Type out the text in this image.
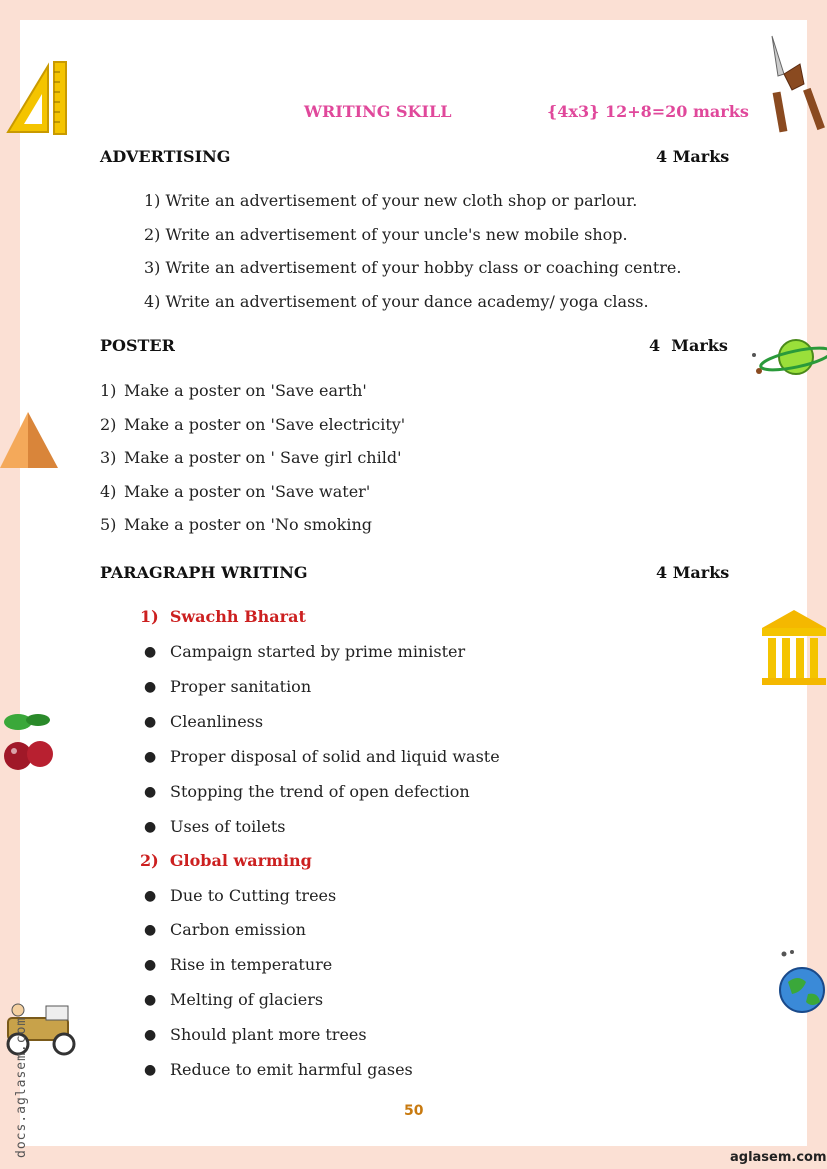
WRITING SKILL	{4x3} 12+8=20 marks
ADVERTISING	4 Marks
1) Write an advertisement of your new cloth shop or parlour.
2) Write an advertisement of your uncle's new mobile shop.
3) Write an advertisement of your hobby class or coaching centre.
4) Write an advertisement of your dance academy/ yoga class.
POSTER	4  Marks
1) Make a poster on 'Save earth'
2) Make a poster on 'Save electricity'
3) Make a poster on ' Save girl child'
4) Make a poster on 'Save water'
5) Make a poster on 'No smoking
PARAGRAPH WRITING	4 Marks
1)  Swachh Bharat
● Campaign started by prime minister
● Proper sanitation
● Cleanliness
● Proper disposal of solid and liquid waste
● Stopping the trend of open defection
● Uses of toilets
2)  Global warming
● Due to Cutting trees
● Carbon emission
● Rise in temperature
● Melting of glaciers
● Should plant more trees
● Reduce to emit harmful gases
50
docs.aglasem.com	aglasem.com
